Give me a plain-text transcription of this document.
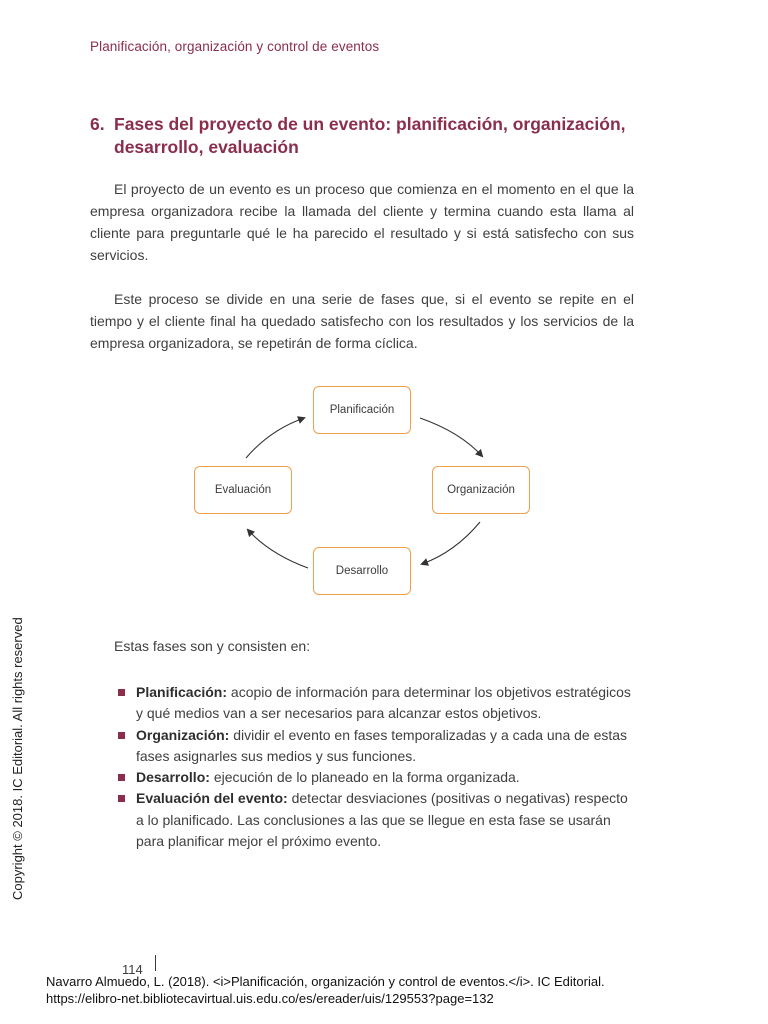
Planificación, organización y control de eventos
6. Fases del proyecto de un evento: planificación, organización, desarrollo, evaluación
El proyecto de un evento es un proceso que comienza en el momento en el que la empresa organizadora recibe la llamada del cliente y termina cuando esta llama al cliente para preguntarle qué le ha parecido el resultado y si está satisfecho con sus servicios.
Este proceso se divide en una serie de fases que, si el evento se repite en el tiempo y el cliente final ha quedado satisfecho con los resultados y los servicios de la empresa organizadora, se repetirán de forma cíclica.
Planificación
Organización
Desarrollo
Evaluación
Estas fases son y consisten en:
Planificación: acopio de información para determinar los objetivos estratégicos y qué medios van a ser necesarios para alcanzar estos objetivos.
Organización: dividir el evento en fases temporalizadas y a cada una de estas fases asignarles sus medios y sus funciones.
Desarrollo: ejecución de lo planeado en la forma organizada.
Evaluación del evento: detectar desviaciones (positivas o negativas) respecto a lo planificado. Las conclusiones a las que se llegue en esta fase se usarán para planificar mejor el próximo evento.
Copyright © 2018. IC Editorial. All rights reserved
114
Navarro Almuedo, L. (2018). <i>Planificación, organización y control de eventos.</i>. IC Editorial.
https://elibro-net.bibliotecavirtual.uis.edu.co/es/ereader/uis/129553?page=132
